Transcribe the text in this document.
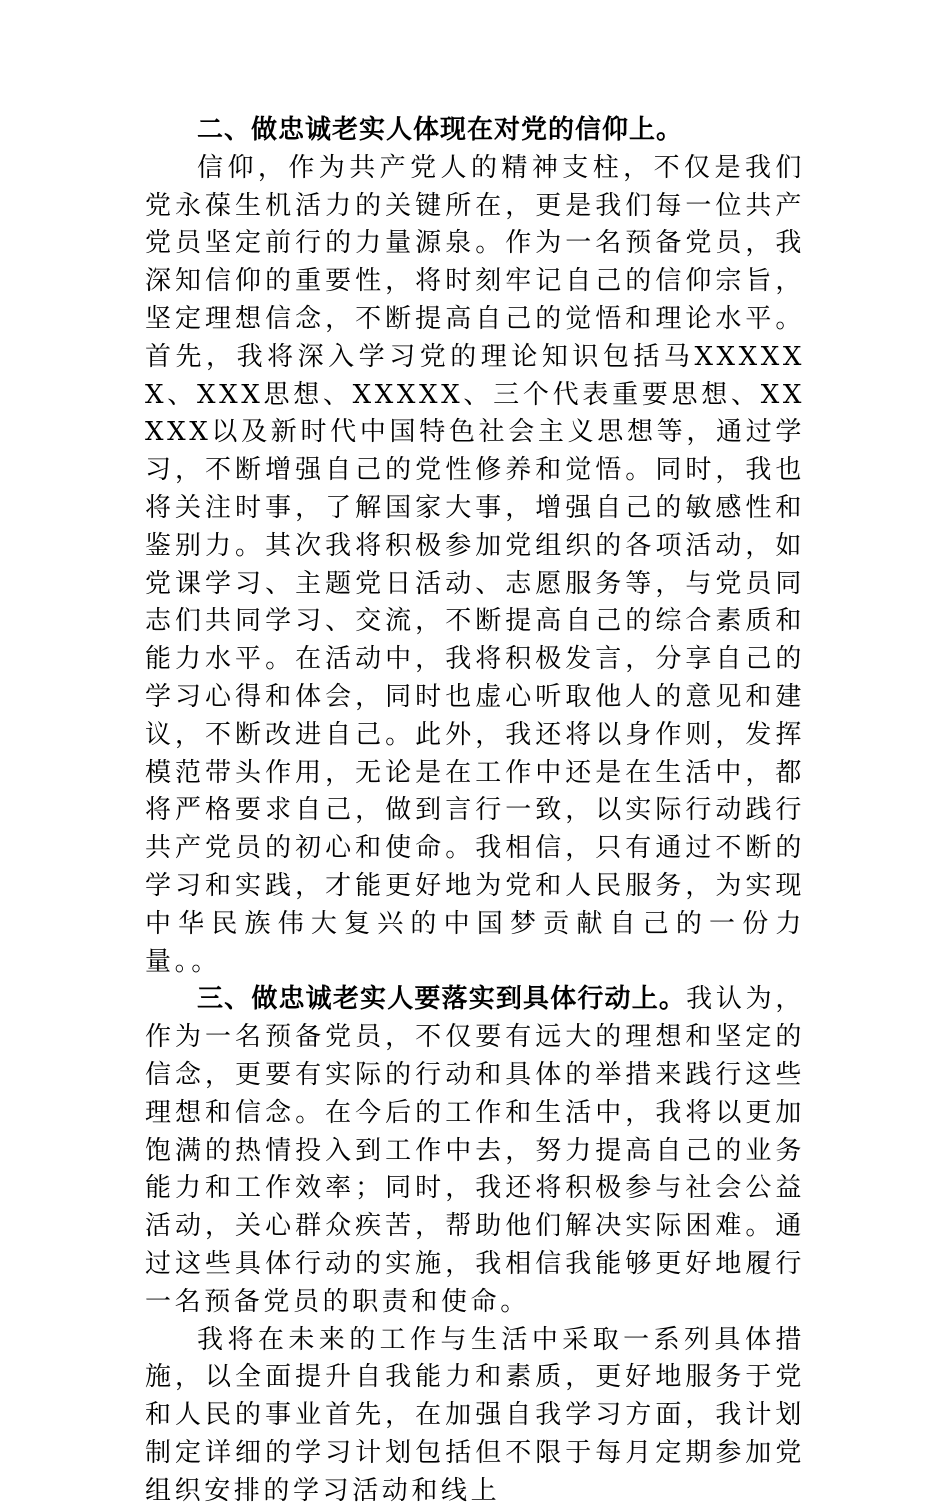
二、做忠诚老实人体现在对党的信仰上。

信仰，作为共产党人的精神支柱，不仅是我们党永葆生机活力的关键所在，更是我们每一位共产党员坚定前行的力量源泉。作为一名预备党员，我深知信仰的重要性，将时刻牢记自己的信仰宗旨，坚定理想信念，不断提高自己的觉悟和理论水平。首先，我将深入学习党的理论知识包括马XXXXXX、XXX思想、XXXXX、三个代表重要思想、XXXXX以及新时代中国特色社会主义思想等，通过学习，不断增强自己的党性修养和觉悟。同时，我也将关注时事，了解国家大事，增强自己的敏感性和鉴别力。其次我将积极参加党组织的各项活动，如党课学习、主题党日活动、志愿服务等，与党员同志们共同学习、交流，不断提高自己的综合素质和能力水平。在活动中，我将积极发言，分享自己的学习心得和体会，同时也虚心听取他人的意见和建议，不断改进自己。此外，我还将以身作则，发挥模范带头作用，无论是在工作中还是在生活中，都将严格要求自己，做到言行一致，以实际行动践行共产党员的初心和使命。我相信，只有通过不断的学习和实践，才能更好地为党和人民服务，为实现中华民族伟大复兴的中国梦贡献自己的一份力量。。

三、做忠诚老实人要落实到具体行动上。我认为，作为一名预备党员，不仅要有远大的理想和坚定的信念，更要有实际的行动和具体的举措来践行这些理想和信念。在今后的工作和生活中，我将以更加饱满的热情投入到工作中去，努力提高自己的业务能力和工作效率；同时，我还将积极参与社会公益活动，关心群众疾苦，帮助他们解决实际困难。通过这些具体行动的实施，我相信我能够更好地履行一名预备党员的职责和使命。

我将在未来的工作与生活中采取一系列具体措施，以全面提升自我能力和素质，更好地服务于党和人民的事业首先，在加强自我学习方面，我计划制定详细的学习计划包括但不限于每月定期参加党组织安排的学习活动和线上
